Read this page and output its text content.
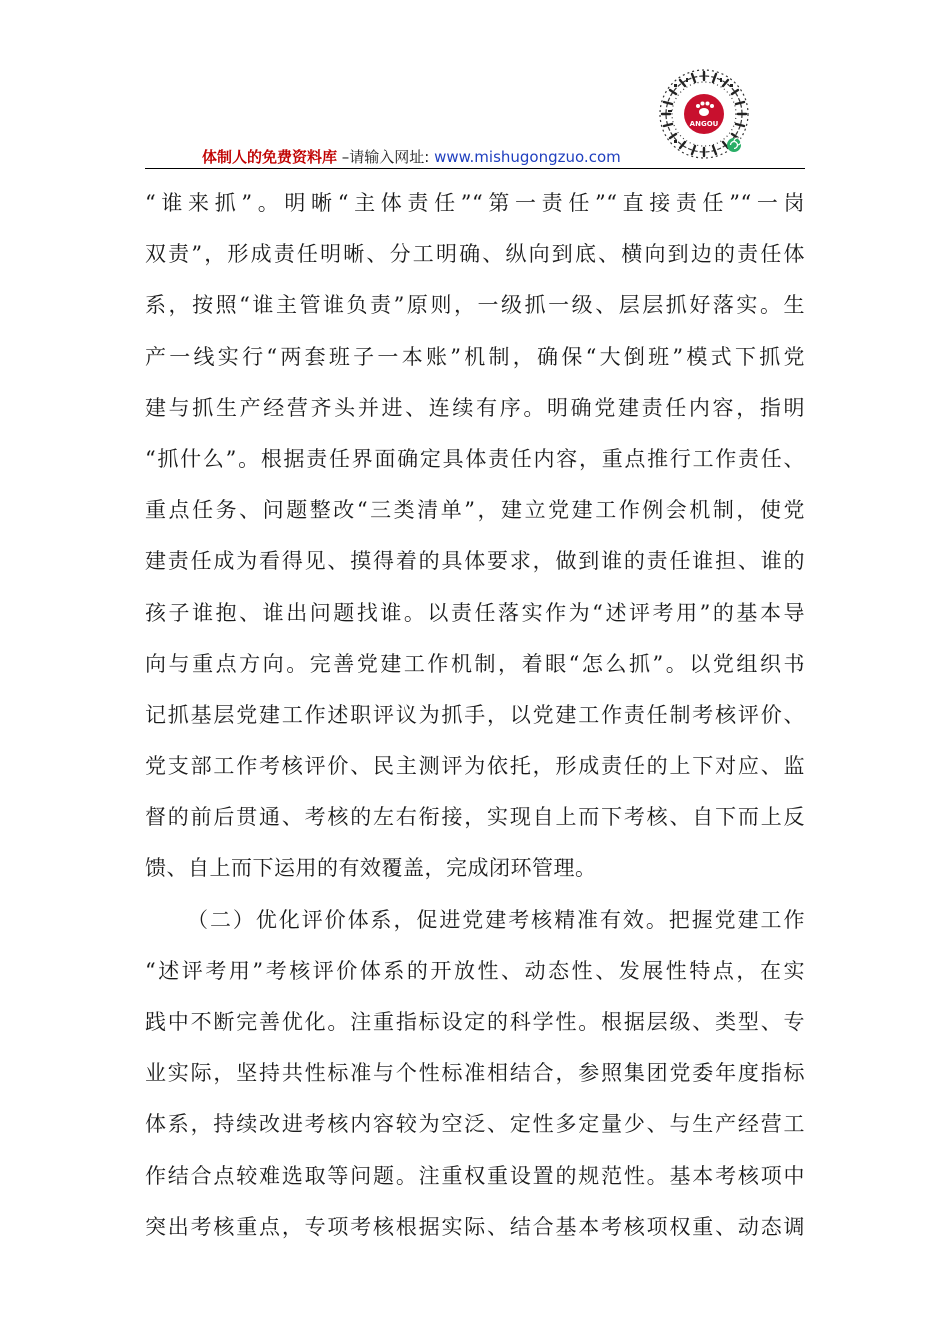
ANGOU
体制人的免费资料库 –请输入网址: www.mishugongzuo.com
“谁来抓”。明晰“主体责任”“第一责任”“直接责任”“一岗
双责”，形成责任明晰、分工明确、纵向到底、横向到边的责任体
系，按照“谁主管谁负责”原则，一级抓一级、层层抓好落实。生
产一线实行“两套班子一本账”机制，确保“大倒班”模式下抓党
建与抓生产经营齐头并进、连续有序。明确党建责任内容，指明
“抓什么”。根据责任界面确定具体责任内容，重点推行工作责任、
重点任务、问题整改“三类清单”，建立党建工作例会机制，使党
建责任成为看得见、摸得着的具体要求，做到谁的责任谁担、谁的
孩子谁抱、谁出问题找谁。以责任落实作为“述评考用”的基本导
向与重点方向。完善党建工作机制，着眼“怎么抓”。以党组织书
记抓基层党建工作述职评议为抓手，以党建工作责任制考核评价、
党支部工作考核评价、民主测评为依托，形成责任的上下对应、监
督的前后贯通、考核的左右衔接，实现自上而下考核、自下而上反
馈、自上而下运用的有效覆盖，完成闭环管理。
（二）优化评价体系，促进党建考核精准有效。把握党建工作
“述评考用”考核评价体系的开放性、动态性、发展性特点，在实
践中不断完善优化。注重指标设定的科学性。根据层级、类型、专
业实际，坚持共性标准与个性标准相结合，参照集团党委年度指标
体系，持续改进考核内容较为空泛、定性多定量少、与生产经营工
作结合点较难选取等问题。注重权重设置的规范性。基本考核项中
突出考核重点，专项考核根据实际、结合基本考核项权重、动态调
